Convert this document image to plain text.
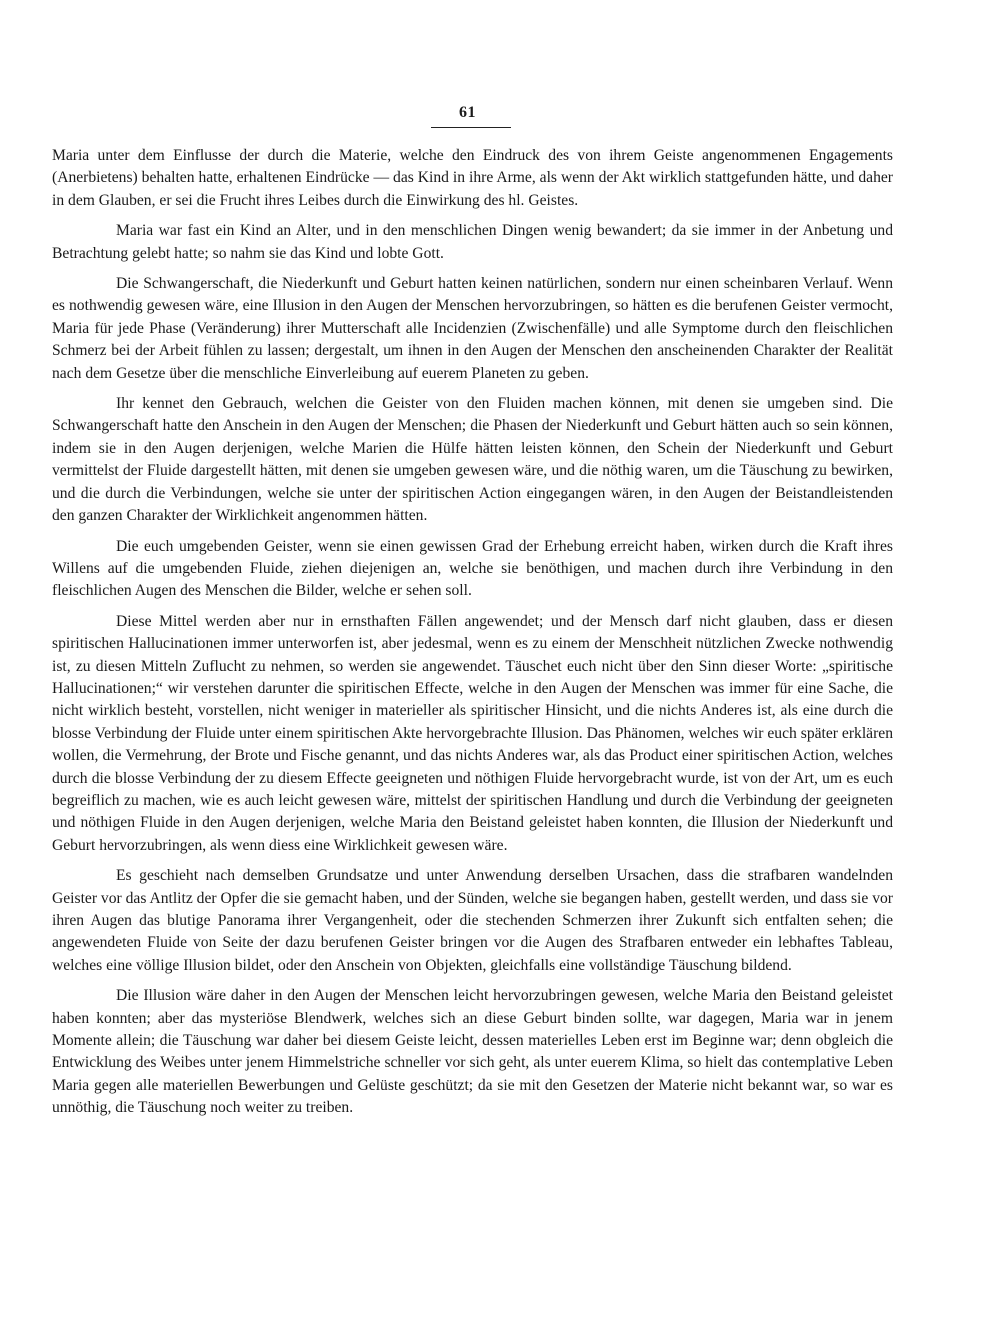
61

Maria unter dem Einflusse der durch die Materie, welche den Eindruck des von ihrem Geiste angenommenen Engagements (Anerbietens) behalten hatte, erhaltenen Eindrücke — das Kind in ihre Arme, als wenn der Akt wirklich stattgefunden hätte, und daher in dem Glauben, er sei die Frucht ihres Leibes durch die Einwirkung des hl. Geistes.

Maria war fast ein Kind an Alter, und in den menschlichen Dingen wenig bewandert; da sie immer in der Anbetung und Betrachtung gelebt hatte; so nahm sie das Kind und lobte Gott.

Die Schwangerschaft, die Niederkunft und Geburt hatten keinen natürlichen, sondern nur einen scheinbaren Verlauf. Wenn es nothwendig gewesen wäre, eine Illusion in den Augen der Menschen hervorzubringen, so hätten es die berufenen Geister vermocht, Maria für jede Phase (Veränderung) ihrer Mutterschaft alle Incidenzien (Zwischenfälle) und alle Symptome durch den fleischlichen Schmerz bei der Arbeit fühlen zu lassen; dergestalt, um ihnen in den Augen der Menschen den anscheinenden Charakter der Realität nach dem Gesetze über die menschliche Einverleibung auf euerem Planeten zu geben.

Ihr kennet den Gebrauch, welchen die Geister von den Fluiden machen können, mit denen sie umgeben sind. Die Schwangerschaft hatte den Anschein in den Augen der Menschen; die Phasen der Niederkunft und Geburt hätten auch so sein können, indem sie in den Augen derjenigen, welche Marien die Hülfe hätten leisten können, den Schein der Niederkunft und Geburt vermittelst der Fluide dargestellt hätten, mit denen sie umgeben gewesen wäre, und die nöthig waren, um die Täuschung zu bewirken, und die durch die Verbindungen, welche sie unter der spiritischen Action eingegangen wären, in den Augen der Beistandleistenden den ganzen Charakter der Wirklichkeit angenommen hätten.

Die euch umgebenden Geister, wenn sie einen gewissen Grad der Erhebung erreicht haben, wirken durch die Kraft ihres Willens auf die umgebenden Fluide, ziehen diejenigen an, welche sie benöthigen, und machen durch ihre Verbindung in den fleischlichen Augen des Menschen die Bilder, welche er sehen soll.

Diese Mittel werden aber nur in ernsthaften Fällen angewendet; und der Mensch darf nicht glauben, dass er diesen spiritischen Hallucinationen immer unterworfen ist, aber jedesmal, wenn es zu einem der Menschheit nützlichen Zwecke nothwendig ist, zu diesen Mitteln Zuflucht zu nehmen, so werden sie angewendet. Täuschet euch nicht über den Sinn dieser Worte: „spiritische Hallucinationen;“ wir verstehen darunter die spiritischen Effecte, welche in den Augen der Menschen was immer für eine Sache, die nicht wirklich besteht, vorstellen, nicht weniger in materieller als spiritischer Hinsicht, und die nichts Anderes ist, als eine durch die blosse Verbindung der Fluide unter einem spiritischen Akte hervorgebrachte Illusion. Das Phänomen, welches wir euch später erklären wollen, die Vermehrung, der Brote und Fische genannt, und das nichts Anderes war, als das Product einer spiritischen Action, welches durch die blosse Verbindung der zu diesem Effecte geeigneten und nöthigen Fluide hervorgebracht wurde, ist von der Art, um es euch begreiflich zu machen, wie es auch leicht gewesen wäre, mittelst der spiritischen Handlung und durch die Verbindung der geeigneten und nöthigen Fluide in den Augen derjenigen, welche Maria den Beistand geleistet haben konnten, die Illusion der Niederkunft und Geburt hervorzubringen, als wenn diess eine Wirklichkeit gewesen wäre.

Es geschieht nach demselben Grundsatze und unter Anwendung derselben Ursachen, dass die strafbaren wandelnden Geister vor das Antlitz der Opfer die sie gemacht haben, und der Sünden, welche sie begangen haben, gestellt werden, und dass sie vor ihren Augen das blutige Panorama ihrer Vergangenheit, oder die stechenden Schmerzen ihrer Zukunft sich entfalten sehen; die angewendeten Fluide von Seite der dazu berufenen Geister bringen vor die Augen des Strafbaren entweder ein lebhaftes Tableau, welches eine völlige Illusion bildet, oder den Anschein von Objekten, gleichfalls eine vollständige Täuschung bildend.

Die Illusion wäre daher in den Augen der Menschen leicht hervorzubringen gewesen, welche Maria den Beistand geleistet haben konnten; aber das mysteriöse Blendwerk, welches sich an diese Geburt binden sollte, war dagegen, Maria war in jenem Momente allein; die Täuschung war daher bei diesem Geiste leicht, dessen materielles Leben erst im Beginne war; denn obgleich die Entwicklung des Weibes unter jenem Himmelstriche schneller vor sich geht, als unter euerem Klima, so hielt das contemplative Leben Maria gegen alle materiellen Bewerbungen und Gelüste geschützt; da sie mit den Gesetzen der Materie nicht bekannt war, so war es unnöthig, die Täuschung noch weiter zu treiben.
